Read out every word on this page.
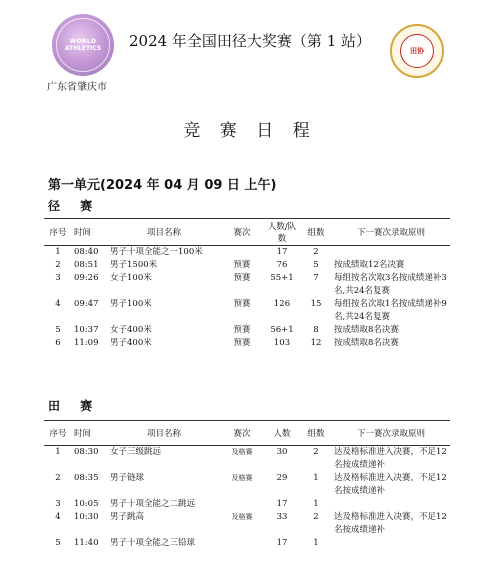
WORLD
ATHLETICS
广东省肇庆市
2024 年全国田径大奖赛（第 1 站）
田协
竞 赛 日 程
第一单元(2024 年 04 月 09 日 上午)
径 赛
序号	时间	项目名称	赛次	人数/队数	组数	下一赛次录取原则
1	08:40	男子十项全能之一100米		17	2	
2	08:51	男子1500米	预赛	76	5	按成绩取12名决赛
3	09:26	女子100米	预赛	55+1	7	每组按名次取3名按成绩递补3名,共24名复赛
4	09:47	男子100米	预赛	126	15	每组按名次取1名按成绩递补9名,共24名复赛
5	10:37	女子400米	预赛	56+1	8	按成绩取8名决赛
6	11:09	男子400米	预赛	103	12	按成绩取8名决赛
田 赛
序号	时间	项目名称	赛次	人数	组数	下一赛次录取原则
1	08:30	女子三级跳远	及格赛	30	2	达及格标准进入决赛，不足12名按成绩递补
2	08:35	男子链球	及格赛	29	1	达及格标准进入决赛，不足12名按成绩递补
3	10:05	男子十项全能之二跳远		17	1	
4	10:30	男子跳高	及格赛	33	2	达及格标准进入决赛，不足12名按成绩递补
5	11:40	男子十项全能之三铅球		17	1	
